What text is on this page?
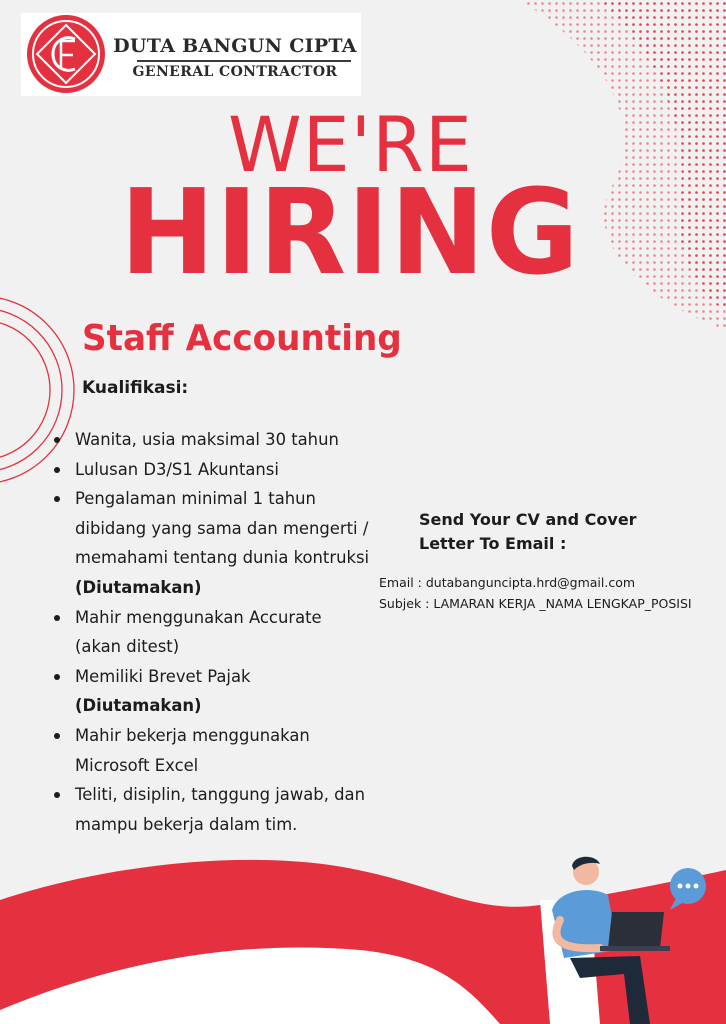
DUTA BANGUN CIPTA
GENERAL CONTRACTOR
WE'RE
HIRING
Staff Accounting
Kualifikasi:
Wanita, usia maksimal 30 tahun
Lulusan D3/S1 Akuntansi
Pengalaman minimal 1 tahun dibidang yang sama dan mengerti / memahami tentang dunia kontruksi (Diutamakan)
Mahir menggunakan Accurate (akan ditest)
Memiliki Brevet Pajak
(Diutamakan)
Mahir bekerja menggunakan Microsoft Excel
Teliti, disiplin, tanggung jawab, dan mampu bekerja dalam tim.
Send Your CV and Cover
Letter To Email :
Email : dutabanguncipta.hrd@gmail.com
Subjek : LAMARAN KERJA _NAMA LENGKAP_POSISI
